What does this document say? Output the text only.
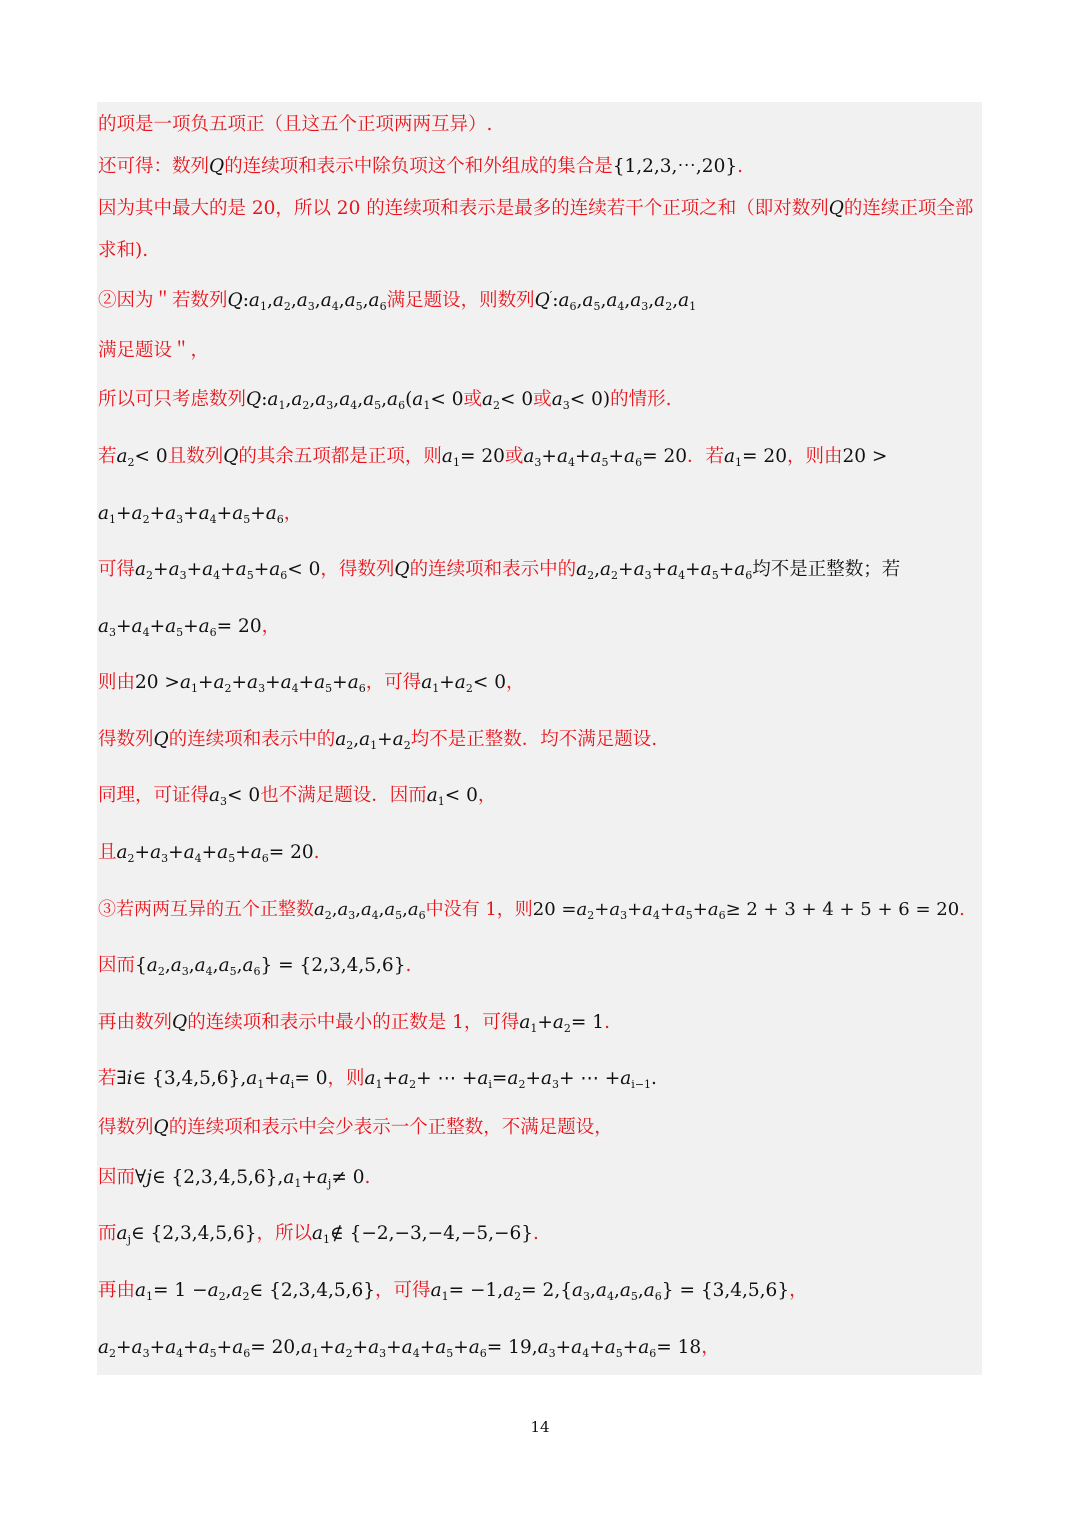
的项是一项负五项正（且这五个正项两两互异）.
还可得：数列Q的连续项和表示中除负项这个和外组成的集合是{1,2,3,⋯,20}.
因为其中最大的是 20，所以 20 的连续项和表示是最多的连续若干个正项之和（即对数列Q的连续正项全部
求和).
②因为＂若数列$Q:a_1,a_2,a_3,a_4,a_5,a_6$满足题设，则数列$Q':a_6,a_5,a_4,a_3,a_2,a_1$
满足题设＂，
所以可只考虑数列$Q:a_1,a_2,a_3,a_4,a_5,a_6(a_1< 0$或$a_2< 0$或$a_3< 0$)的情形.
若$a_2< 0$且数列Q的其余五项都是正项，则$a_1= 20$或$a_3+a_4+a_5+a_6= 20$．若$a_1= 20$，则由20 >
$a_1+a_2+a_3+a_4+a_5+a_6$，
可得$a_2+a_3+a_4+a_5+a_6< 0$，得数列Q的连续项和表示中的$a_2,a_2+a_3+a_4+a_5+a_6$均不是正整数；若
$a_3+a_4+a_5+a_6= 20$，
则由$20 >a_1+a_2+a_3+a_4+a_5+a_6$，可得$a_1+a_2< 0$，
得数列Q的连续项和表示中的$a_2,a_1+a_2$均不是正整数．均不满足题设.
同理，可证得$a_3< 0$也不满足题设．因而$a_1< 0$，
且$a_2+a_3+a_4+a_5+a_6= 20$.
③若两两互异的五个正整数$a_2,a_3,a_4,a_5,a_6$中没有 1，则$20 =a_2+a_3+a_4+a_5+a_6\ge 2 + 3 + 4 + 5 + 6 = 20$.
因而$\{a_2,a_3,a_4,a_5,a_6\} = \{2,3,4,5,6\}$.
再由数列Q的连续项和表示中最小的正数是 1，可得$a_1+a_2= 1$.
若∃i∈ $\{3,4,5,6\},a_1+a_i= 0$，则$a_1+a_2+$ ⋯ $+a_i=a_2+a_3+$ ⋯ $+a_{i-1}$.
得数列Q的连续项和表示中会少表示一个正整数，不满足题设，
因而∀j∈ $\{2,3,4,5,6\},a_1+a_j\ne 0$.
而$a_j\in$ {2,3,4,5,6}，所以$a_1\notin$ {−2,−3,−4,−5,−6}.
再由$a_1= 1$ $-a_2,a_2\in$ {2,3,4,5,6}，可得$a_1= -1,a_2= 2,\{a_3,a_4,a_5,a_6\} = \{3,4,5,6\}$，
$a_2+a_3+a_4+a_5+a_6= 20,a_1+a_2+a_3+a_4+a_5+a_6= 19,a_3+a_4+a_5+a_6= 18$，
14
